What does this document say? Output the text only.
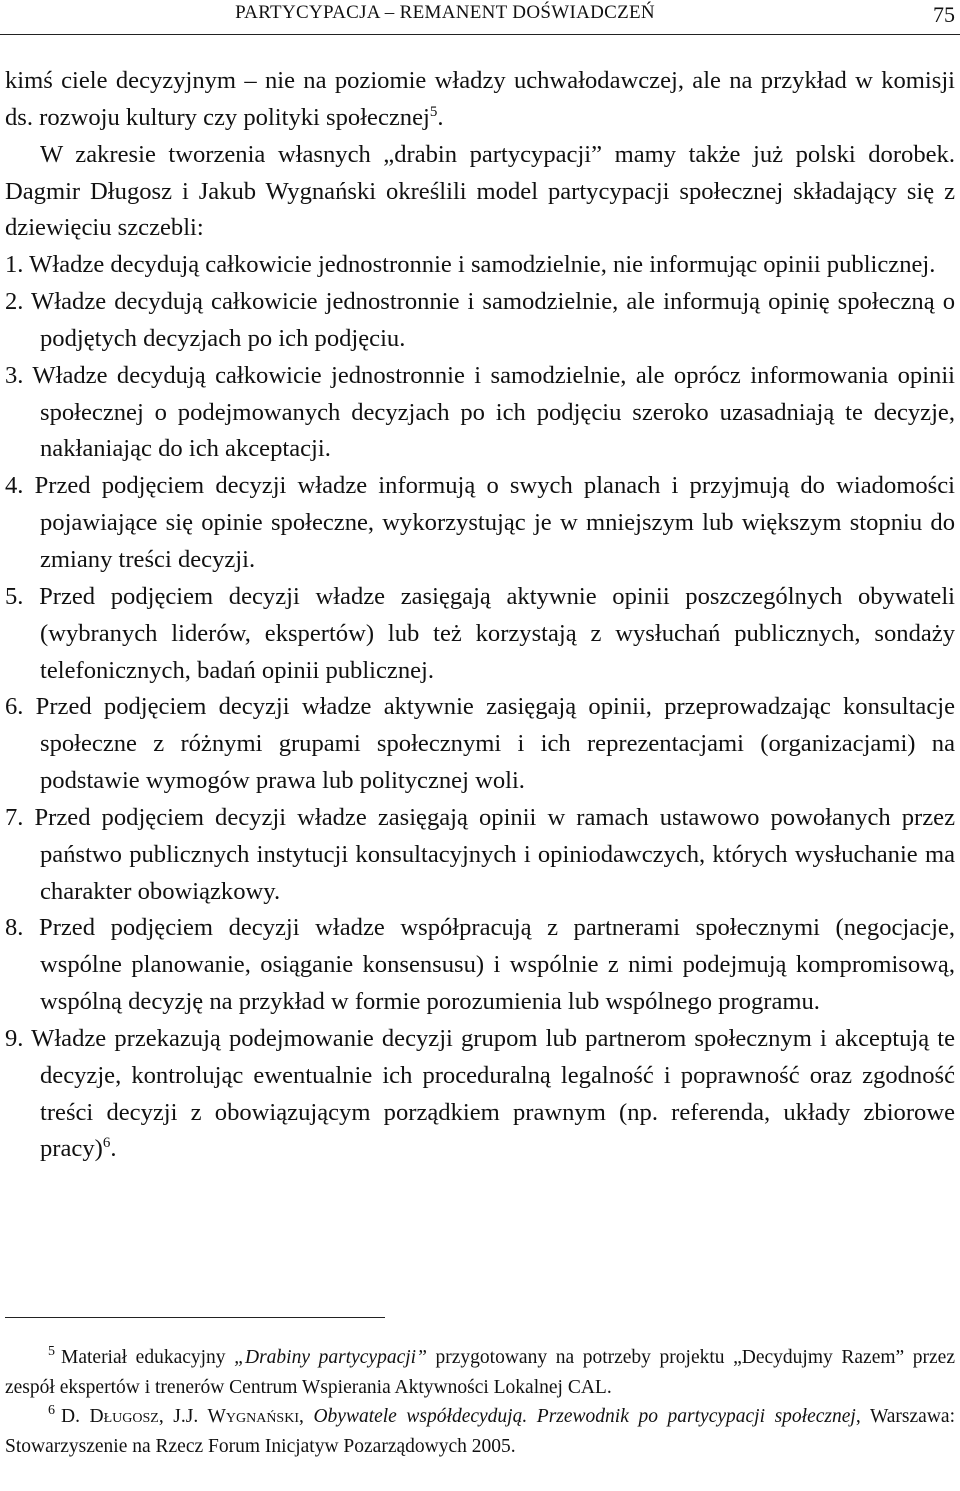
PARTYCYPACJA – REMANENT DOŚWIADCZEŃ	75

kimś ciele decyzyjnym – nie na poziomie władzy uchwałodawczej, ale na przykład w komisji ds. rozwoju kultury czy polityki społecznej$^5$.

W zakresie tworzenia własnych „drabin partycypacji” mamy także już polski dorobek. Dagmir Długosz i Jakub Wygnański określili model partycypacji społecznej składający się z dziewięciu szczebli:

1. Władze decydują całkowicie jednostronnie i samodzielnie, nie informując opinii publicznej.

2. Władze decydują całkowicie jednostronnie i samodzielnie, ale informują opinię społeczną o podjętych decyzjach po ich podjęciu.

3. Władze decydują całkowicie jednostronnie i samodzielnie, ale oprócz informowania opinii społecznej o podejmowanych decyzjach po ich podjęciu szeroko uzasadniają te decyzje, nakłaniając do ich akceptacji.

4. Przed podjęciem decyzji władze informują o swych planach i przyjmują do wiadomości pojawiające się opinie społeczne, wykorzystując je w mniejszym lub większym stopniu do zmiany treści decyzji.

5. Przed podjęciem decyzji władze zasięgają aktywnie opinii poszczególnych obywateli (wybranych liderów, ekspertów) lub też korzystają z wysłuchań publicznych, sondaży telefonicznych, badań opinii publicznej.

6. Przed podjęciem decyzji władze aktywnie zasięgają opinii, przeprowadzając konsultacje społeczne z różnymi grupami społecznymi i ich reprezentacjami (organizacjami) na podstawie wymogów prawa lub politycznej woli.

7. Przed podjęciem decyzji władze zasięgają opinii w ramach ustawowo powołanych przez państwo publicznych instytucji konsultacyjnych i opiniodawczych, których wysłuchanie ma charakter obowiązkowy.

8. Przed podjęciem decyzji władze współpracują z partnerami społecznymi (negocjacje, wspólne planowanie, osiąganie konsensusu) i wspólnie z nimi podejmują kompromisową, wspólną decyzję na przykład w formie porozumienia lub wspólnego programu.

9. Władze przekazują podejmowanie decyzji grupom lub partnerom społecznym i akceptują te decyzje, kontrolując ewentualnie ich proceduralną legalność i poprawność oraz zgodność treści decyzji z obowiązującym porządkiem prawnym (np. referenda, układy zbiorowe pracy)$^6$.

$^5$ Materiał edukacyjny „Drabiny partycypacji” przygotowany na potrzeby projektu „Decydujmy Razem” przez zespół ekspertów i trenerów Centrum Wspierania Aktywności Lokalnej CAL.

$^6$ D. Długosz, J.J. Wygnański, Obywatele współdecydują. Przewodnik po partycypacji społecznej, Warszawa: Stowarzyszenie na Rzecz Forum Inicjatyw Pozarządowych 2005.
